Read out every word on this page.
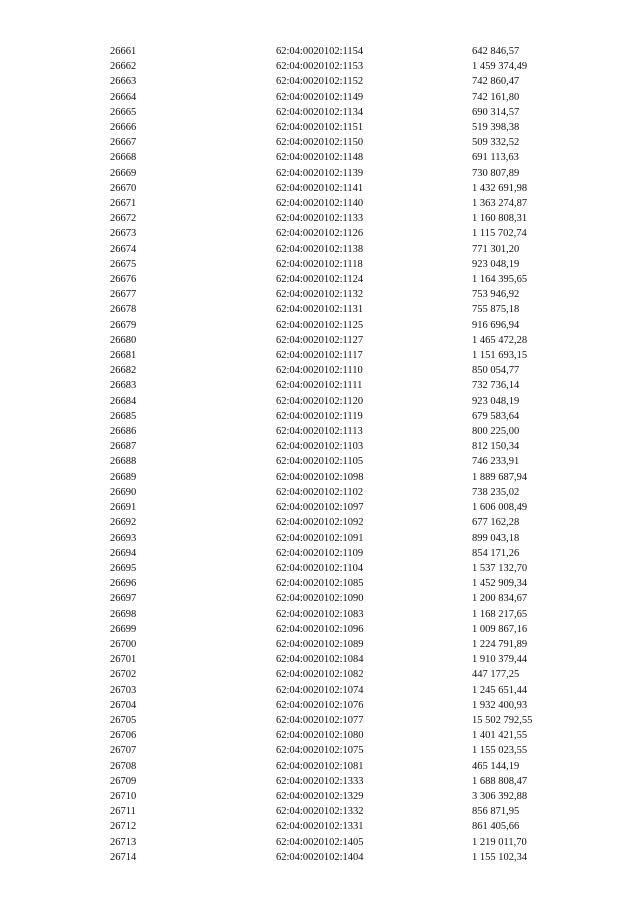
26661	62:04:0020102:1154	642 846,57
26662	62:04:0020102:1153	1 459 374,49
26663	62:04:0020102:1152	742 860,47
26664	62:04:0020102:1149	742 161,80
26665	62:04:0020102:1134	690 314,57
26666	62:04:0020102:1151	519 398,38
26667	62:04:0020102:1150	509 332,52
26668	62:04:0020102:1148	691 113,63
26669	62:04:0020102:1139	730 807,89
26670	62:04:0020102:1141	1 432 691,98
26671	62:04:0020102:1140	1 363 274,87
26672	62:04:0020102:1133	1 160 808,31
26673	62:04:0020102:1126	1 115 702,74
26674	62:04:0020102:1138	771 301,20
26675	62:04:0020102:1118	923 048,19
26676	62:04:0020102:1124	1 164 395,65
26677	62:04:0020102:1132	753 946,92
26678	62:04:0020102:1131	755 875,18
26679	62:04:0020102:1125	916 696,94
26680	62:04:0020102:1127	1 465 472,28
26681	62:04:0020102:1117	1 151 693,15
26682	62:04:0020102:1110	850 054,77
26683	62:04:0020102:1111	732 736,14
26684	62:04:0020102:1120	923 048,19
26685	62:04:0020102:1119	679 583,64
26686	62:04:0020102:1113	800 225,00
26687	62:04:0020102:1103	812 150,34
26688	62:04:0020102:1105	746 233,91
26689	62:04:0020102:1098	1 889 687,94
26690	62:04:0020102:1102	738 235,02
26691	62:04:0020102:1097	1 606 008,49
26692	62:04:0020102:1092	677 162,28
26693	62:04:0020102:1091	899 043,18
26694	62:04:0020102:1109	854 171,26
26695	62:04:0020102:1104	1 537 132,70
26696	62:04:0020102:1085	1 452 909,34
26697	62:04:0020102:1090	1 200 834,67
26698	62:04:0020102:1083	1 168 217,65
26699	62:04:0020102:1096	1 009 867,16
26700	62:04:0020102:1089	1 224 791,89
26701	62:04:0020102:1084	1 910 379,44
26702	62:04:0020102:1082	447 177,25
26703	62:04:0020102:1074	1 245 651,44
26704	62:04:0020102:1076	1 932 400,93
26705	62:04:0020102:1077	15 502 792,55
26706	62:04:0020102:1080	1 401 421,55
26707	62:04:0020102:1075	1 155 023,55
26708	62:04:0020102:1081	465 144,19
26709	62:04:0020102:1333	1 688 808,47
26710	62:04:0020102:1329	3 306 392,88
26711	62:04:0020102:1332	856 871,95
26712	62:04:0020102:1331	861 405,66
26713	62:04:0020102:1405	1 219 011,70
26714	62:04:0020102:1404	1 155 102,34
